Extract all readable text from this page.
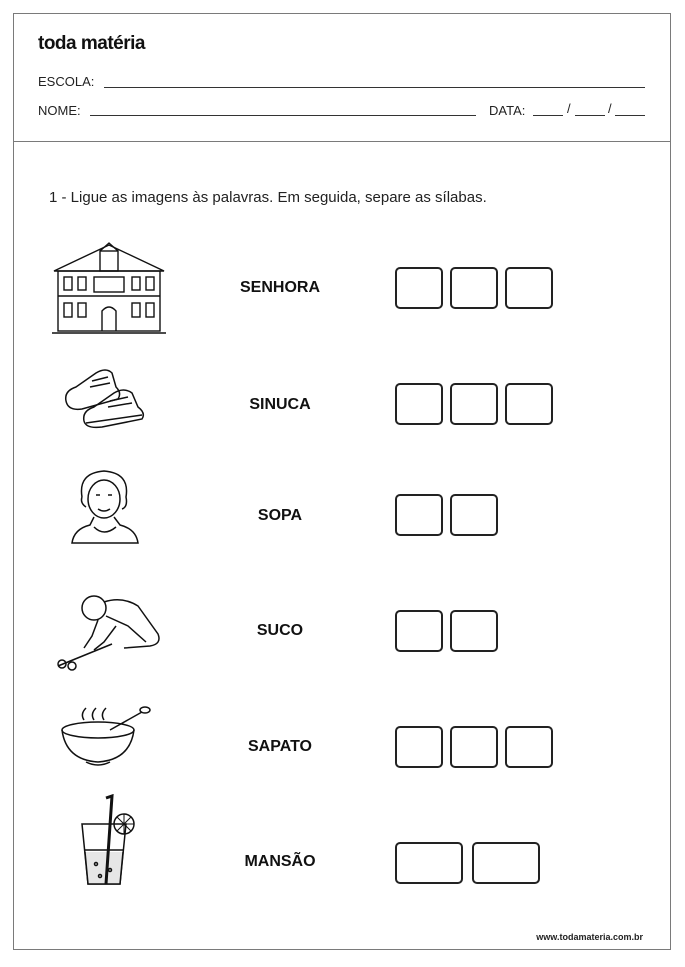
toda matéria
ESCOLA:
NOME:	DATA:	/	/
1 - Ligue as imagens às palavras. Em seguida, separe as sílabas.
SENHORA
SINUCA
SOPA
SUCO
SAPATO
MANSÃO
www.todamateria.com.br
